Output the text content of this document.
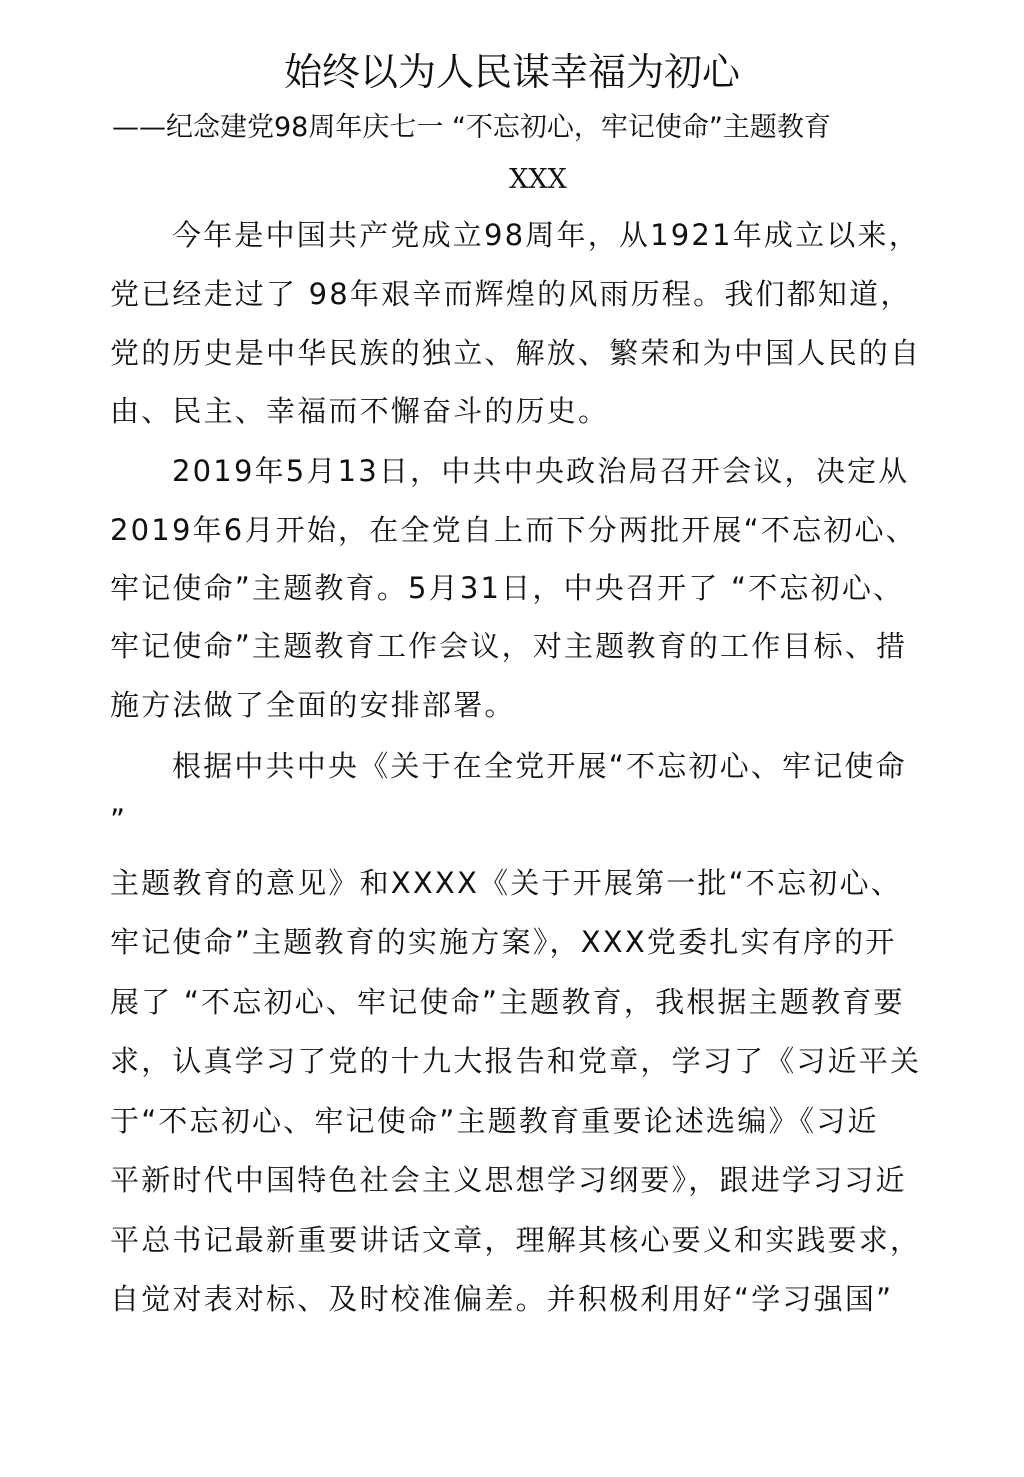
始终以为人民谋幸福为初心
——纪念建党98周年庆七一 “不忘初心，牢记使命”主题教育
XXX
今年是中国共产党成立98周年，从1921年成立以来，
党已经走过了 98年艰辛而辉煌的风雨历程。我们都知道，
党的历史是中华民族的独立、解放、繁荣和为中国人民的自
由、民主、幸福而不懈奋斗的历史。
2019年5月13日，中共中央政治局召开会议，决定从
2019年6月开始，在全党自上而下分两批开展“不忘初心、
牢记使命”主题教育。5月31日，中央召开了 “不忘初心、
牢记使命”主题教育工作会议，对主题教育的工作目标、措
施方法做了全面的安排部署。
根据中共中央《关于在全党开展“不忘初心、牢记使命
”
主题教育的意见》和XXXX《关于开展第一批“不忘初心、
牢记使命”主题教育的实施方案》，XXX党委扎实有序的开
展了 “不忘初心、牢记使命”主题教育，我根据主题教育要
求，认真学习了党的十九大报告和党章，学习了《习近平关
于“不忘初心、牢记使命”主题教育重要论述选编》《习近
平新时代中国特色社会主义思想学习纲要》，跟进学习习近
平总书记最新重要讲话文章，理解其核心要义和实践要求，
自觉对表对标、及时校准偏差。并积极利用好“学习强国”
